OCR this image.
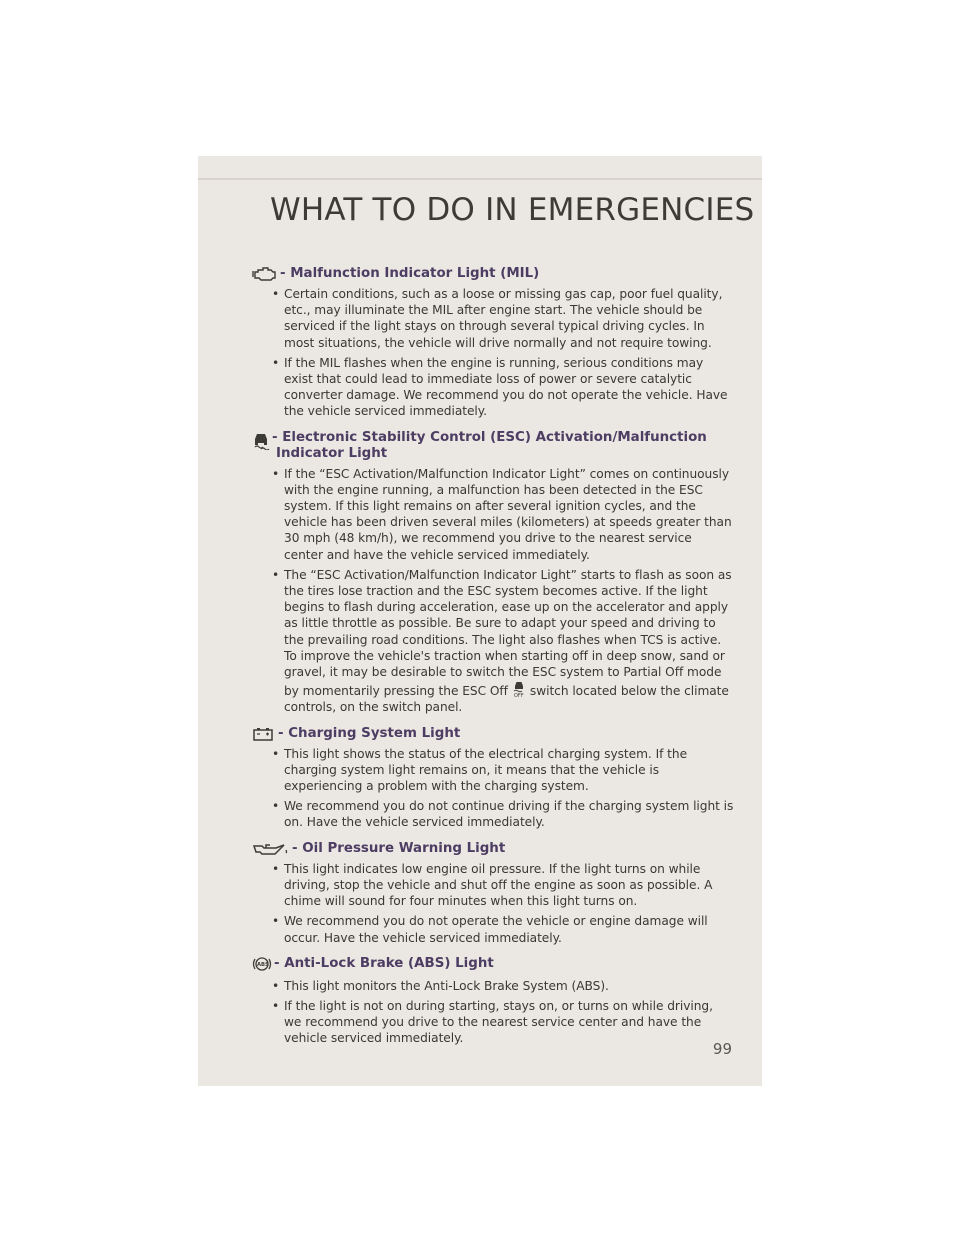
WHAT TO DO IN EMERGENCIES
- Malfunction Indicator Light (MIL)
• Certain conditions, such as a loose or missing gas cap, poor fuel quality, etc., may illuminate the MIL after engine start. The vehicle should be serviced if the light stays on through several typical driving cycles. In most situations, the vehicle will drive normally and not require towing.
• If the MIL flashes when the engine is running, serious conditions may exist that could lead to immediate loss of power or severe catalytic converter damage. We recommend you do not operate the vehicle. Have the vehicle serviced immediately.
- Electronic Stability Control (ESC) Activation/Malfunction Indicator Light
• If the “ESC Activation/Malfunction Indicator Light” comes on continuously with the engine running, a malfunction has been detected in the ESC system. If this light remains on after several ignition cycles, and the vehicle has been driven several miles (kilometers) at speeds greater than 30 mph (48 km/h), we recommend you drive to the nearest service center and have the vehicle serviced immediately.
• The “ESC Activation/Malfunction Indicator Light” starts to flash as soon as the tires lose traction and the ESC system becomes active. If the light begins to flash during acceleration, ease up on the accelerator and apply as little throttle as possible. Be sure to adapt your speed and driving to the prevailing road conditions. The light also flashes when TCS is active. To improve the vehicle's traction when starting off in deep snow, sand or gravel, it may be desirable to switch the ESC system to Partial Off mode by momentarily pressing the ESC Off OFF switch located below the climate controls, on the switch panel.
- Charging System Light
• This light shows the status of the electrical charging system. If the charging system light remains on, it means that the vehicle is experiencing a problem with the charging system.
• We recommend you do not continue driving if the charging system light is on. Have the vehicle serviced immediately.
- Oil Pressure Warning Light
• This light indicates low engine oil pressure. If the light turns on while driving, stop the vehicle and shut off the engine as soon as possible. A chime will sound for four minutes when this light turns on.
• We recommend you do not operate the vehicle or engine damage will occur. Have the vehicle serviced immediately.
ABS - Anti-Lock Brake (ABS) Light
• This light monitors the Anti-Lock Brake System (ABS).
• If the light is not on during starting, stays on, or turns on while driving, we recommend you drive to the nearest service center and have the vehicle serviced immediately.
99
